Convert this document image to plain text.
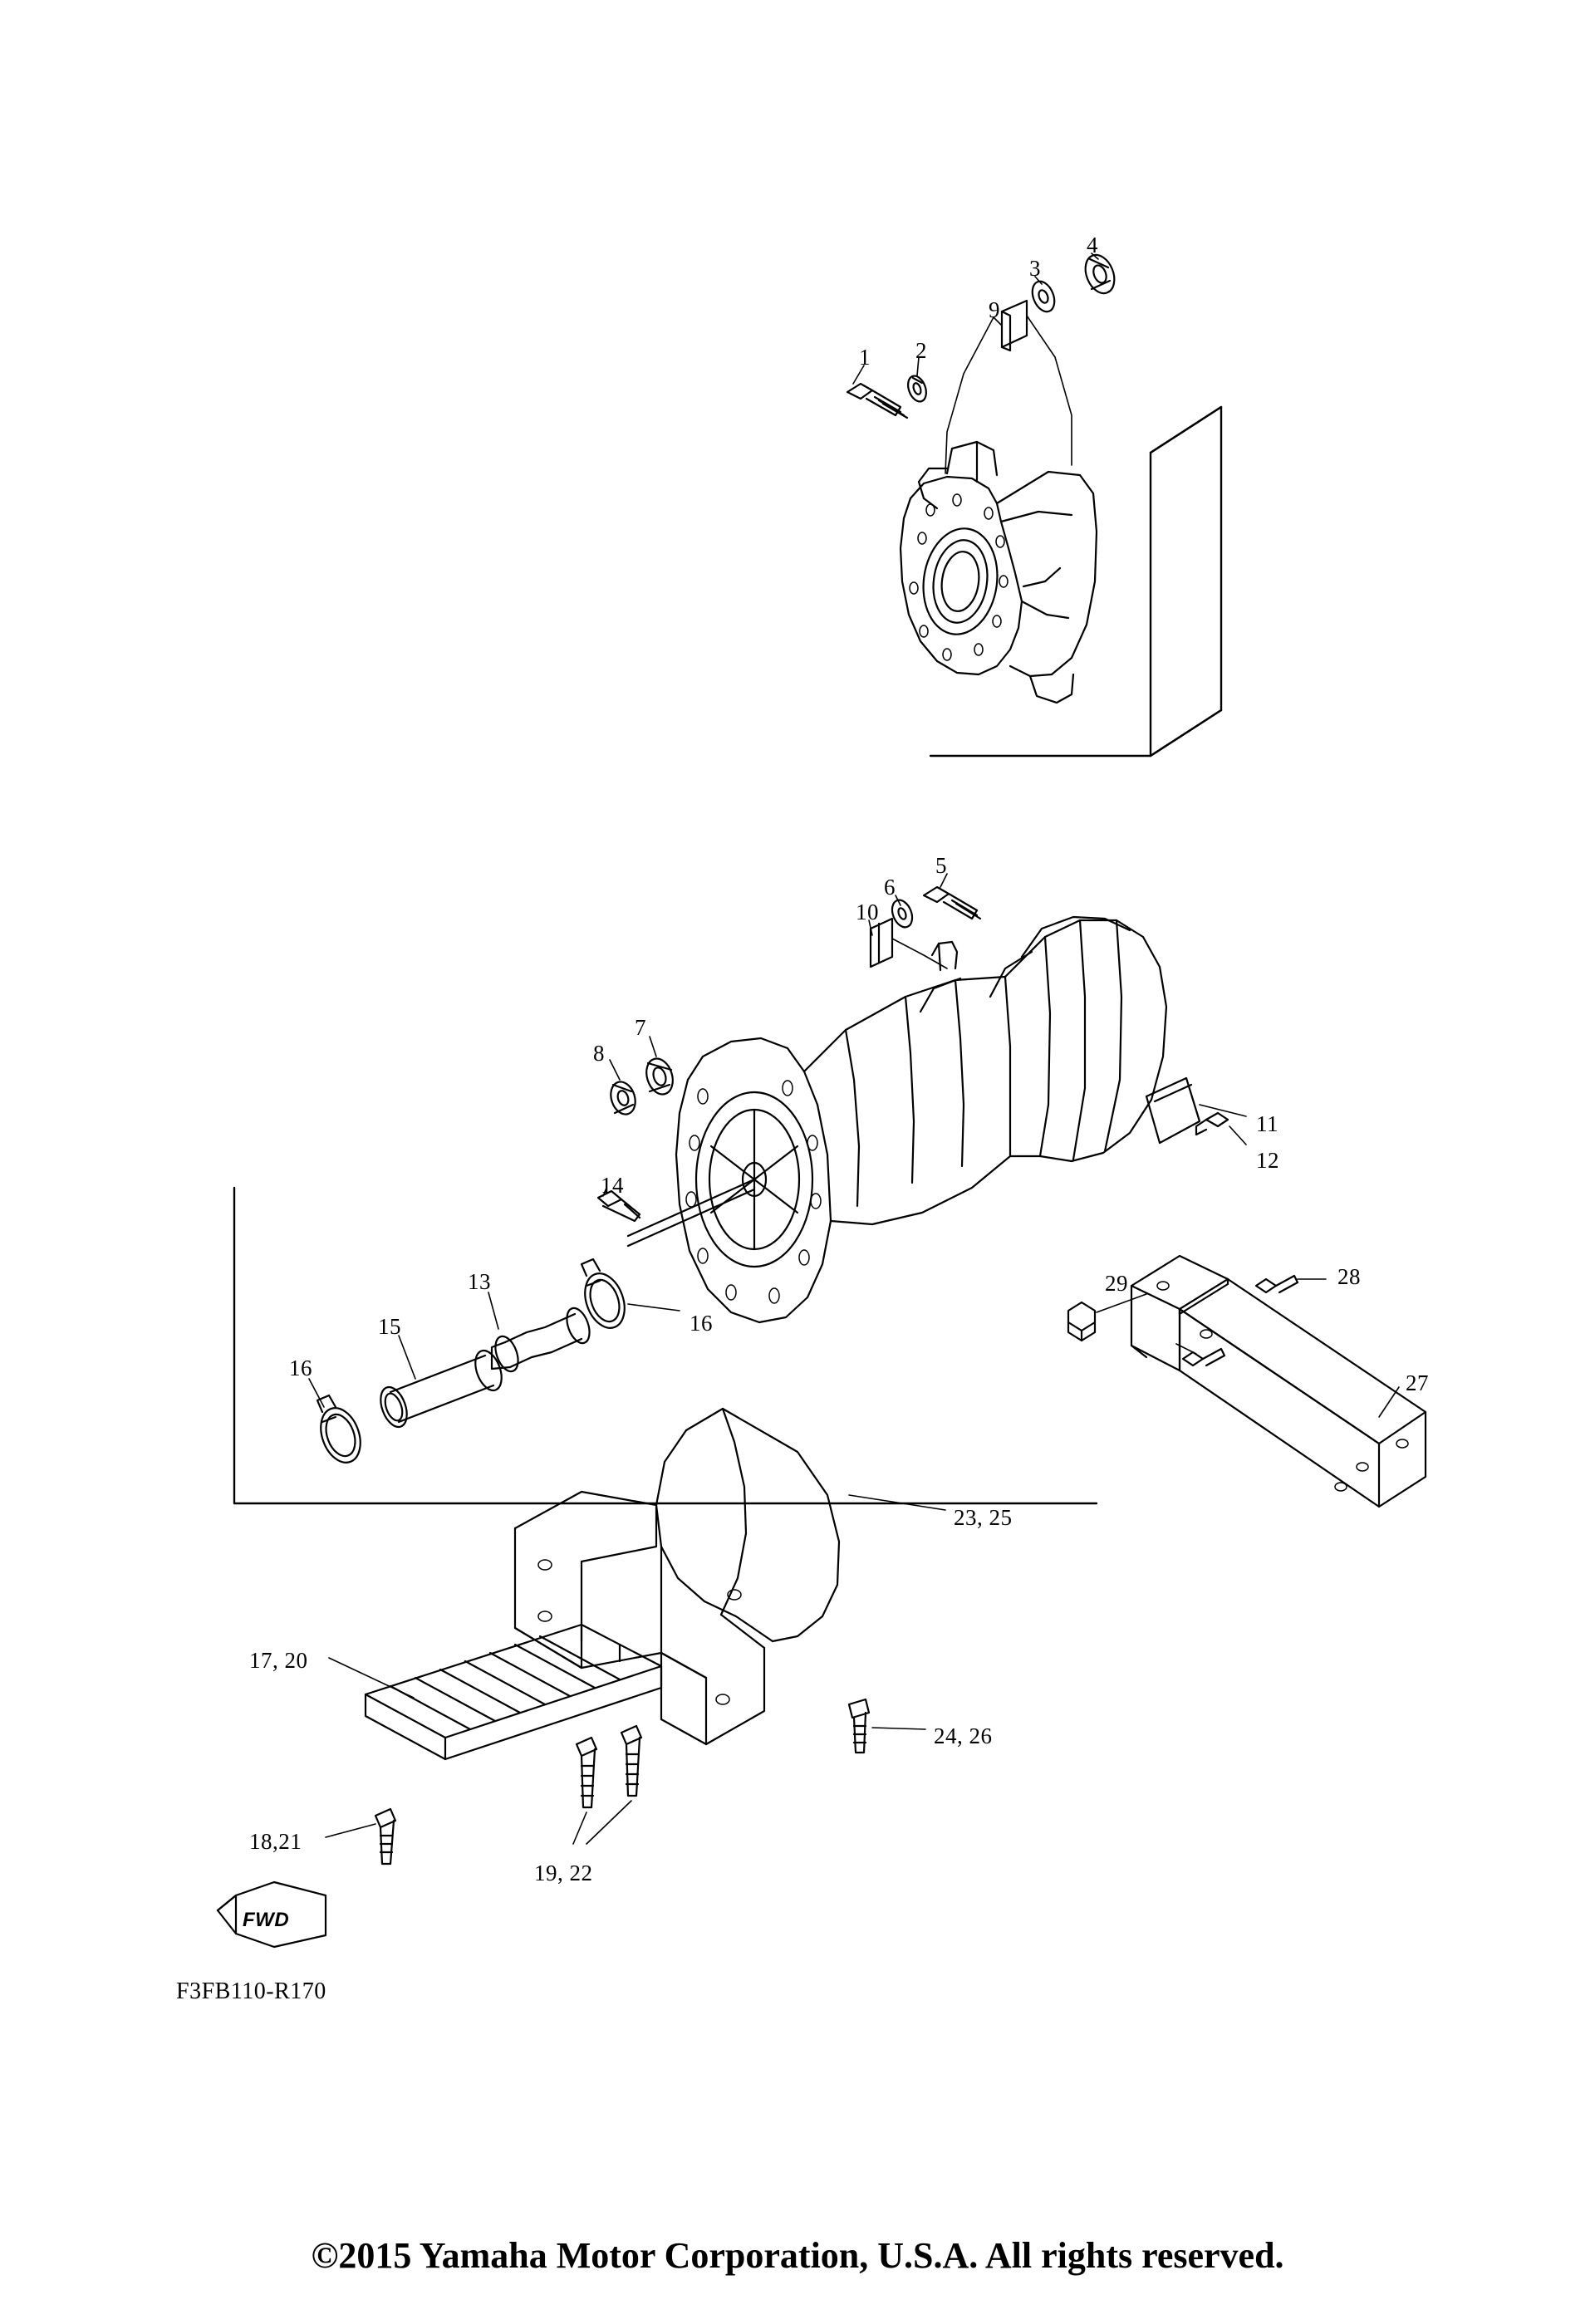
1 2
9
3
4
10
6
5
8
7
11
12
14
13
16
15
16
29	28
27
23, 25
17, 20
24, 26
18,21
19, 22
FWD
F3FB110-R170
©2015 Yamaha Motor Corporation, U.S.A. All rights reserved.
